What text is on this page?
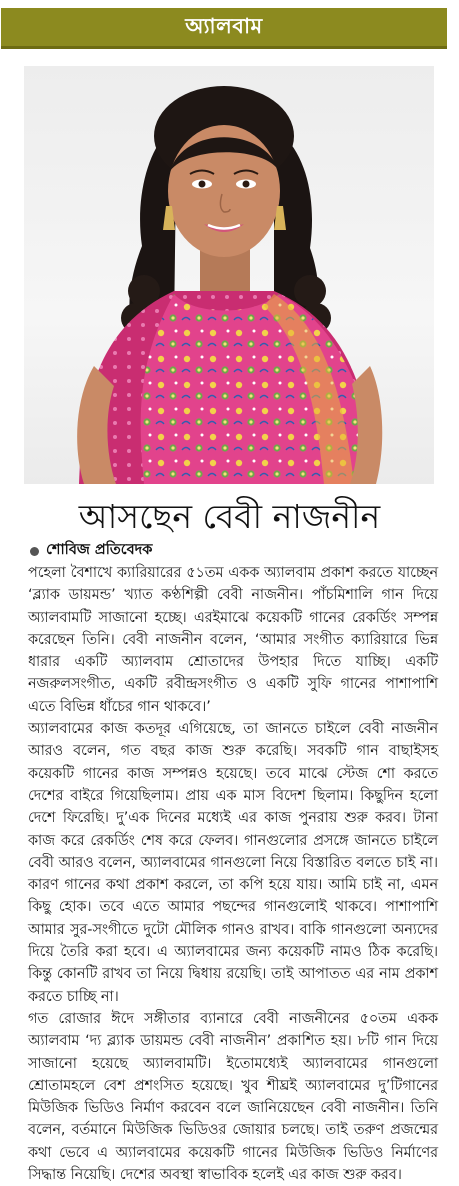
অ্যালবাম
আসছেন বেবী নাজনীন
শোবিজ প্রতিবেদক

পহেলা বৈশাখে ক্যারিয়ারের ৫১তম একক অ্যালবাম প্রকাশ করতে যাচ্ছেন ‘ব্ল্যাক ডায়মন্ড’ খ্যাত কণ্ঠশিল্পী বেবী নাজনীন। পাঁচমিশালি গান দিয়ে অ্যালবামটি সাজানো হচ্ছে। এরইমাঝে কয়েকটি গানের রেকর্ডিং সম্পন্ন করেছেন তিনি। বেবী নাজনীন বলেন, ‘আমার সংগীত ক্যারিয়ারে ভিন্ন ধারার একটি অ্যালবাম শ্রোতাদের উপহার দিতে যাচ্ছি। একটি নজরুলসংগীত, একটি রবীন্দ্রসংগীত ও একটি সুফি গানের পাশাপাশি এতে বিভিন্ন ধাঁচের গান থাকবে।’

অ্যালবামের কাজ কতদূর এগিয়েছে, তা জানতে চাইলে বেবী নাজনীন আরও বলেন, গত বছর কাজ শুরু করেছি। সবকটি গান বাছাইসহ কয়েকটি গানের কাজ সম্পন্নও হয়েছে। তবে মাঝে স্টেজ শো করতে দেশের বাইরে গিয়েছিলাম। প্রায় এক মাস বিদেশ ছিলাম। কিছুদিন হলো দেশে ফিরেছি। দু’এক দিনের মধ্যেই এর কাজ পুনরায় শুরু করব। টানা কাজ করে রেকর্ডিং শেষ করে ফেলব। গানগুলোর প্রসঙ্গে জানতে চাইলে বেবী আরও বলেন, অ্যালবামের গানগুলো নিয়ে বিস্তারিত বলতে চাই না। কারণ গানের কথা প্রকাশ করলে, তা কপি হয়ে যায়। আমি চাই না, এমন কিছু হোক। তবে এতে আমার পছন্দের গানগুলোই থাকবে। পাশাপাশি আমার সুর-সংগীতে দুটো মৌলিক গানও রাখব। বাকি গানগুলো অন্যদের দিয়ে তৈরি করা হবে। এ অ্যালবামের জন্য কয়েকটি নামও ঠিক করেছি। কিন্তু কোনটি রাখব তা নিয়ে দ্বিধায় রয়েছি। তাই আপাতত এর নাম প্রকাশ করতে চাচ্ছি না।

গত রোজার ঈদে সঙ্গীতার ব্যানারে বেবী নাজনীনের ৫০তম একক অ্যালবাম ‘দ্য ব্ল্যাক ডায়মন্ড বেবী নাজনীন’ প্রকাশিত হয়। ৮টি গান দিয়ে সাজানো হয়েছে অ্যালবামটি। ইতোমধ্যেই অ্যালবামের গানগুলো শ্রোতামহলে বেশ প্রশংসিত হয়েছে। খুব শীঘ্রই অ্যালবামের দু’টিগানের মিউজিক ভিডিও নির্মাণ করবেন বলে জানিয়েছেন বেবী নাজনীন। তিনি বলেন, বর্তমানে মিউজিক ভিডিওর জোয়ার চলছে। তাই তরুণ প্রজন্মের কথা ভেবে এ অ্যালবামের কয়েকটি গানের মিউজিক ভিডিও নির্মাণের সিদ্ধান্ত নিয়েছি। দেশের অবস্থা স্বাভাবিক হলেই এর কাজ শুরু করব।
